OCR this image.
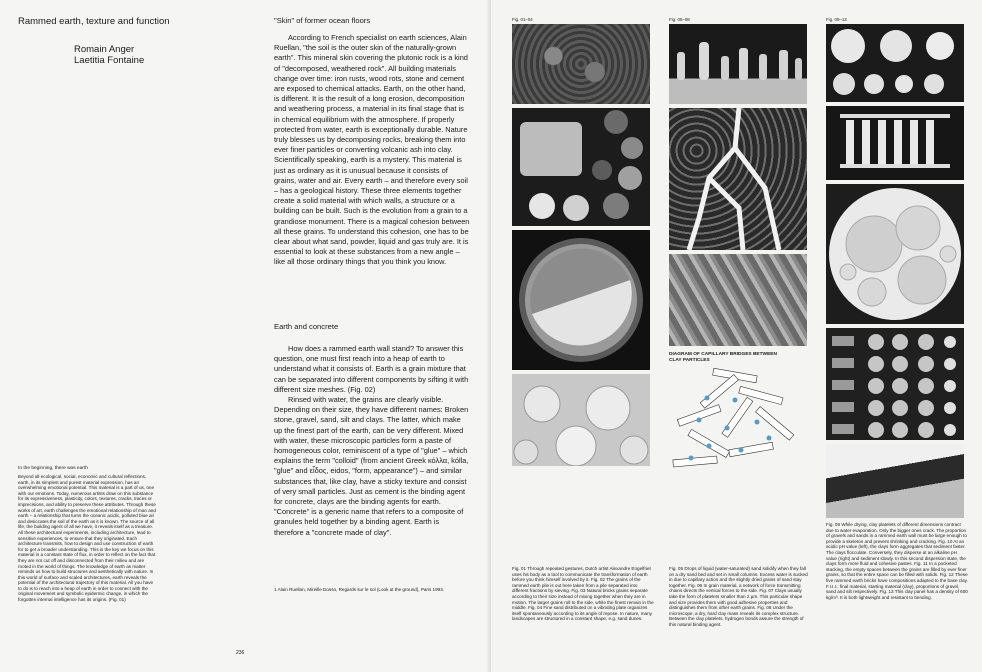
Rammed earth, texture and function
Romain Anger
Laetitia Fontaine
"Skin" of former ocean floors

According to French specialist on earth sciences, Alain Ruellan, "the soil is the outer skin of the naturally-grown earth". This mineral skin covering the plutonic rock is a kind of "decomposed, weathered rock". All building materials change over time: iron rusts, wood rots, stone and cement are exposed to chemical attacks. Earth, on the other hand, is different. It is the result of a long erosion, decomposition and weathering process, a material in its final stage that is in chemical equilibrium with the atmosphere. If properly protected from water, earth is exceptionally durable. Nature truly blesses us by decomposing rocks, breaking them into ever finer particles or converting volcanic ash into clay. Scientifically speaking, earth is a mystery. This material is just as ordinary as it is unusual because it consists of grains, water and air. Every earth – and therefore every soil – has a geological history. These three elements together create a solid material with which walls, a structure or a building can be built. Such is the evolution from a grain to a grandiose monument. There is a magical cohesion between all these grains. To understand this cohesion, one has to be clear about what sand, powder, liquid and gas truly are. It is essential to look at these substances from a new angle – like all those ordinary things that you think you know.

Earth and concrete

How does a rammed earth wall stand? To answer this question, one must first reach into a heap of earth to understand what it consists of. Earth is a grain mixture that can be separated into different components by sifting it with different size meshes. (Fig. 02)

Rinsed with water, the grains are clearly visible. Depending on their size, they have different names: Broken stone, gravel, sand, silt and clays. The latter, which make up the finest part of the earth, can be very different. Mixed with water, these microscopic particles form a paste of homogeneous color, reminiscent of a type of "glue" – which explains the term "colloid" (from ancient Greek κόλλα, kólla, "glue" and εἶδος, eidos, "form, appearance") – and similar substances that, like clay, have a sticky texture and consist of very small particles. Just as cement is the binding agent for concrete, clays are the binding agents for earth. "Concrete" is a generic name that refers to a composite of granules held together by a binding agent. Earth is therefore a "concrete made of clay".

In the beginning, there was earth
Beyond all ecological, social, economic and cultural reflections, earth, in its simplest and purest material expression, has an overwhelming emotional potential. This material is a part of us, one with our emotions. Today, numerous artists draw on this substance for its expressiveness, plasticity, colors, textures, cracks, traces or imprecisions, and ability to preserve these attributes. Through these works of art, earth challenges the emotional relationship of man and earth – a relationship that turns the oceanic acidic, polluted blue air and desiccates the soil of the earth as it is known. The source of all life, the building agent of all we have, it reveals itself as a treasure. All these architectural experiments, including architecture, lead to sensitive experiences, to ensure that they originated. Each architecture transmits, how to design and use construction of earth for to get a broader understanding. This is the key we focus on this material in a constant state of flux, in order to reflect on the fact that they are not cut off and disconnected from their milieu and are rooted in the world of things. The knowledge of earth as matter reminds us how to build structures and aesthetically with nature. In this world of surface and scaled architectures, earth reveals the potential of the architectural trajectory of this material. All you have to do is to reach into a heap of earth in order to connect with the original movement and symbolic epidermic change, in which the forgotten internal intelligence has its origins. (Fig. 01)
1 Alain Ruellan, Mireille Dosso, Regards sur le sol (Look at the ground), Paris 1993.
236
Fig. 01–04	Fig. 05–08	Fig. 09–13
DIAGRAM OF CAPILLARY BRIDGES BETWEEN CLAY PARTICLES
Fig. 01 Through repeated gestures, Dutch artist Alexandre Engelfriet uses his body as a tool to communicate the transformation of earth before you think himself involved by it. Fig. 02 The grains of the rammed earth pile is out here taken from a pile separated into different fractions by sieving. Fig. 03 Natural bricks grains separate according to their size instead of mixing together when they are in motion. The larger grains roll to the side, while the finest remain in the middle. Fig. 04 Fine sand distributed on a vibrating plate organizes itself spontaneously according to its angle of repose. In nature, many landscapes are structured in a constant shape, e.g. sand dunes.
Fig. 05 Drops of liquid (water-saturated) sand solidify when they fall on a dry sand bed and set in small columns. Excess water is sucked in due to capillary action and the slightly dried grains of sand stay together. Fig. 06 In grain material, a network of force transmitting chains directs the vertical forces to the side. Fig. 07 Clays usually take the form of platelets smaller than 2 µm. This particular shape and size provides them with good adhesive properties and distinguishes them from other earth grains. Fig. 08 Under the microscope, a dry, hard clay mass reveals its complex structure. Between the clay platelets, hydrogen bonds assure the strength of this natural binding agent.
Fig. 09 While drying, clay platelets of different dimensions contract due to water evaporation. Only the bigger ones crack. The proportion of gravels and sands in a rammed earth wall must be large enough to provide a skeleton and prevent shrinking and cracking. Fig. 10 At an acidic pH value (left), the clays form aggregates that sediment faster. The clays flocculate. Conversely, they disperse at an alkaline pH value (right) and sediment slowly. In this second dispersion state, the clays form more fluid and cohesive pastes. Fig. 11 In a pocketed stacking, the empty spaces between the grains are filled by ever finer grains, so that the entire space can be filled with solids. Fig. 12 These five rammed earth bricks have compositions adapted to the base clay. F.I.I.I.: final material, starting material (clay), proportions of gravel, sand and silt respectively. Fig. 13 This clay panel has a density of 600 kg/m³. It is both lightweight and resistant to bending.
